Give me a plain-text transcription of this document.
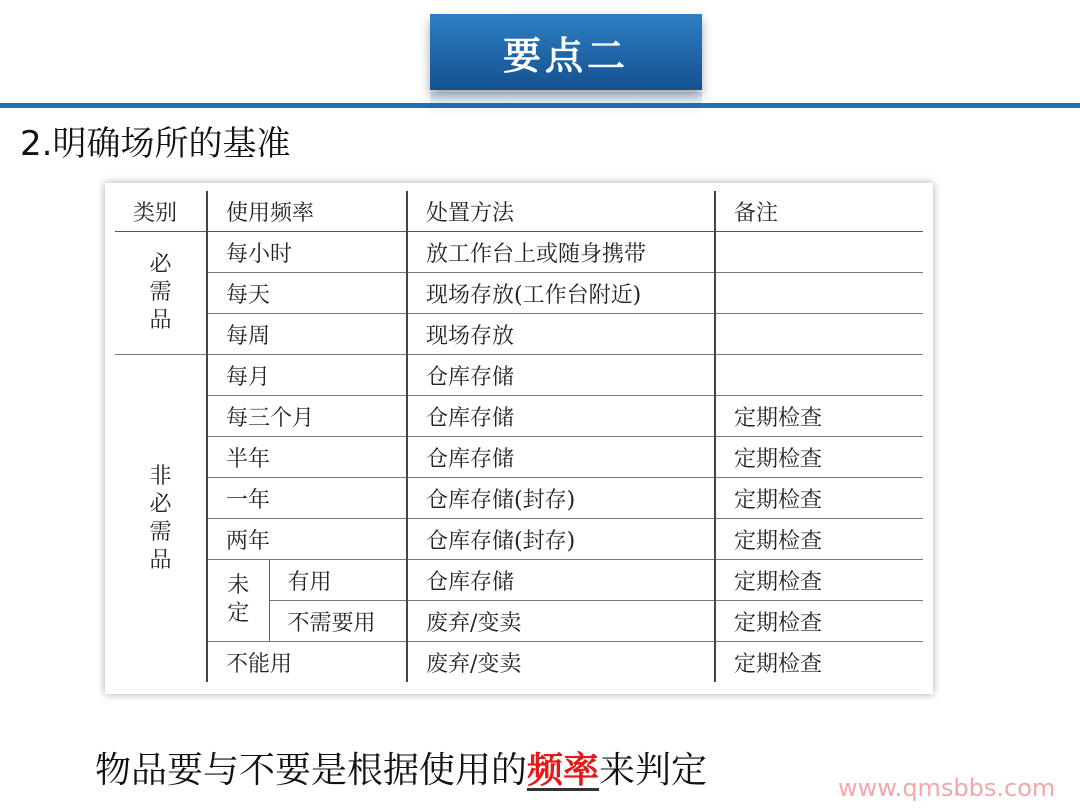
要点二
2.明确场所的基准
类别	使用频率		处置方法	备注
必需品	每小时		放工作台上或随身携带	
	每天		现场存放(工作台附近)	
	每周		现场存放	
非必需品	每月		仓库存储	
	每三个月		仓库存储	定期检查
	半年		仓库存储	定期检查
	一年		仓库存储(封存)	定期检查
	两年		仓库存储(封存)	定期检查
	未定	有用	仓库存储	定期检查
		不需要用	废弃/变卖	定期检查
	不能用		废弃/变卖	定期检查
物品要与不要是根据使用的频率来判定	www.qmsbbs.com
